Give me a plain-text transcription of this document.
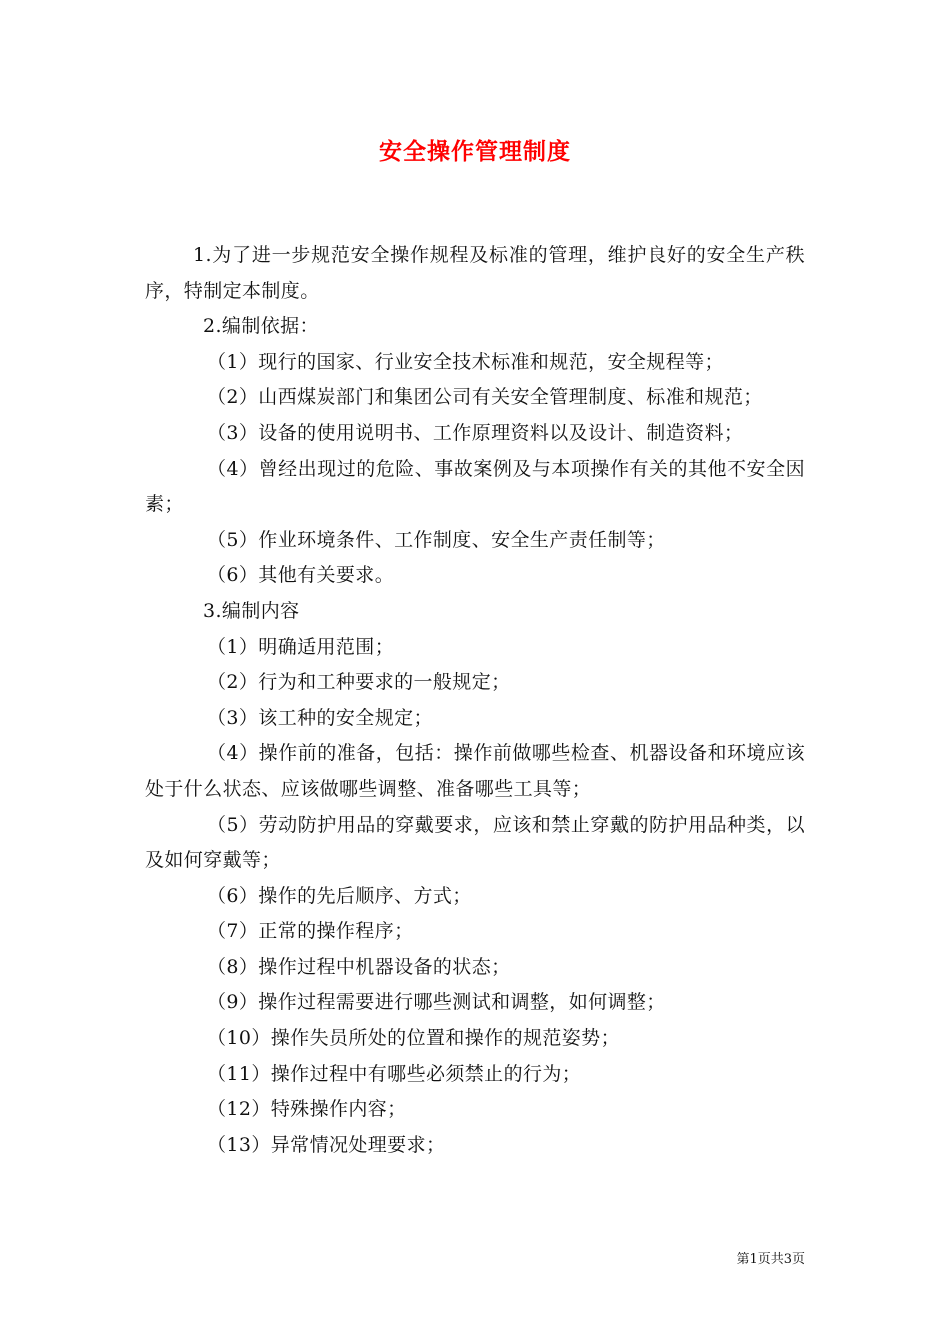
安全操作管理制度

1.为了进一步规范安全操作规程及标准的管理，维护良好的安全生产秩序，特制定本制度。

2.编制依据：

（1）现行的国家、行业安全技术标准和规范，安全规程等；

（2）山西煤炭部门和集团公司有关安全管理制度、标准和规范；

（3）设备的使用说明书、工作原理资料以及设计、制造资料；

（4）曾经出现过的危险、事故案例及与本项操作有关的其他不安全因素；

（5）作业环境条件、工作制度、安全生产责任制等；

（6）其他有关要求。

3.编制内容

（1）明确适用范围；

（2）行为和工种要求的一般规定；

（3）该工种的安全规定；

（4）操作前的准备，包括：操作前做哪些检查、机器设备和环境应该处于什么状态、应该做哪些调整、准备哪些工具等；

（5）劳动防护用品的穿戴要求，应该和禁止穿戴的防护用品种类，以及如何穿戴等；

（6）操作的先后顺序、方式；

（7）正常的操作程序；

（8）操作过程中机器设备的状态；

（9）操作过程需要进行哪些测试和调整，如何调整；

（10）操作失员所处的位置和操作的规范姿势；

（11）操作过程中有哪些必须禁止的行为；

（12）特殊操作内容；

（13）异常情况处理要求；

第1页共3页
